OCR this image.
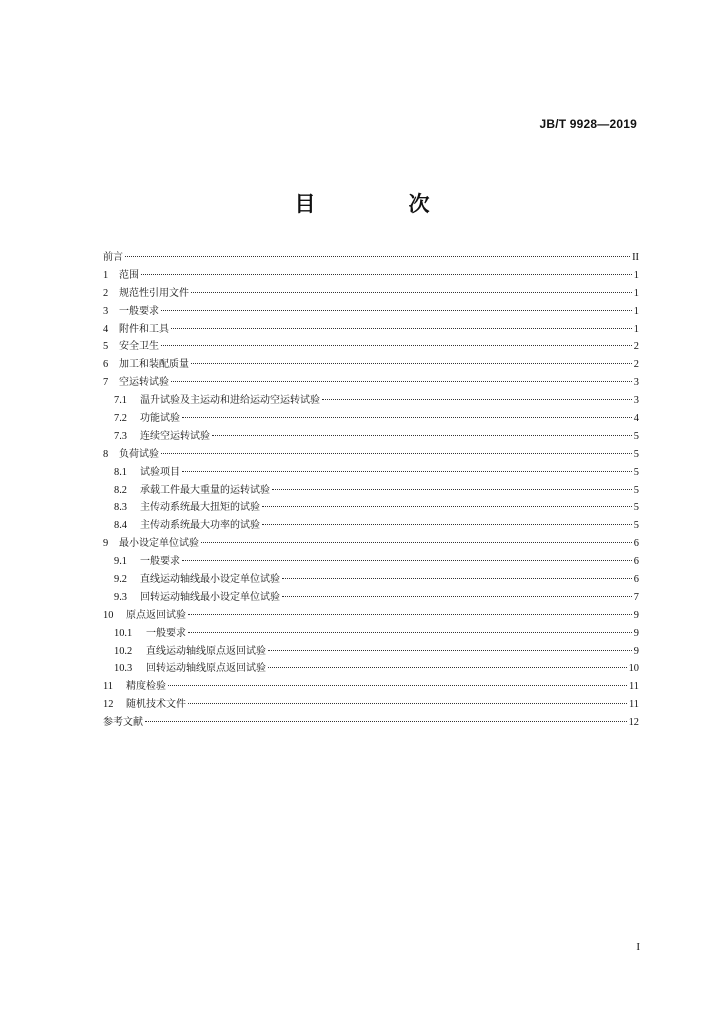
JB/T 9928—2019
目　次
前言	II
1	范围	1
2	规范性引用文件	1
3	一般要求	1
4	附件和工具	1
5	安全卫生	2
6	加工和装配质量	2
7	空运转试验	3
7.1	温升试验及主运动和进给运动空运转试验	3
7.2	功能试验	4
7.3	连续空运转试验	5
8	负荷试验	5
8.1	试验项目	5
8.2	承载工件最大重量的运转试验	5
8.3	主传动系统最大扭矩的试验	5
8.4	主传动系统最大功率的试验	5
9	最小设定单位试验	6
9.1	一般要求	6
9.2	直线运动轴线最小设定单位试验	6
9.3	回转运动轴线最小设定单位试验	7
10	原点返回试验	9
10.1	一般要求	9
10.2	直线运动轴线原点返回试验	9
10.3	回转运动轴线原点返回试验	10
11	精度检验	11
12	随机技术文件	11
参考文献	12
I
